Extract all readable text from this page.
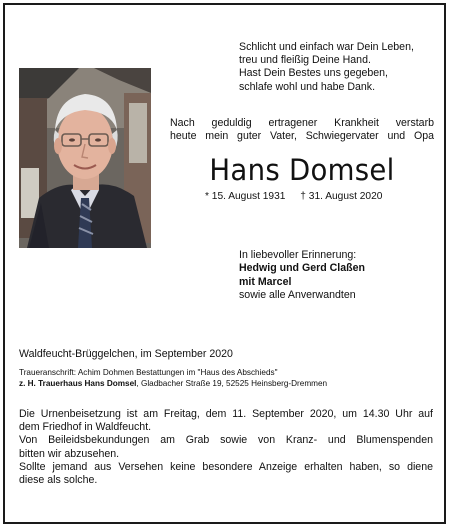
Schlicht und einfach war Dein Leben,
treu und fleißig Deine Hand.
Hast Dein Bestes uns gegeben,
schlafe wohl und habe Dank.
Nach geduldig ertragener Krankheit verstarb
heute mein guter Vater, Schwiegervater und Opa
Hans Domsel
* 15. August 1931 † 31. August 2020
In liebevoller Erinnerung:
Hedwig und Gerd Claßen
mit Marcel
sowie alle Anverwandten
Waldfeucht-Brüggelchen, im September 2020
Traueranschrift: Achim Dohmen Bestattungen im "Haus des Abschieds"
z. H. Trauerhaus Hans Domsel, Gladbacher Straße 19, 52525 Heinsberg-Dremmen
Die Urnenbeisetzung ist am Freitag, dem 11. September 2020, um 14.30 Uhr auf
dem Friedhof in Waldfeucht.
Von Beileidsbekundungen am Grab sowie von Kranz- und Blumenspenden
bitten wir abzusehen.
Sollte jemand aus Versehen keine besondere Anzeige erhalten haben, so diene
diese als solche.
